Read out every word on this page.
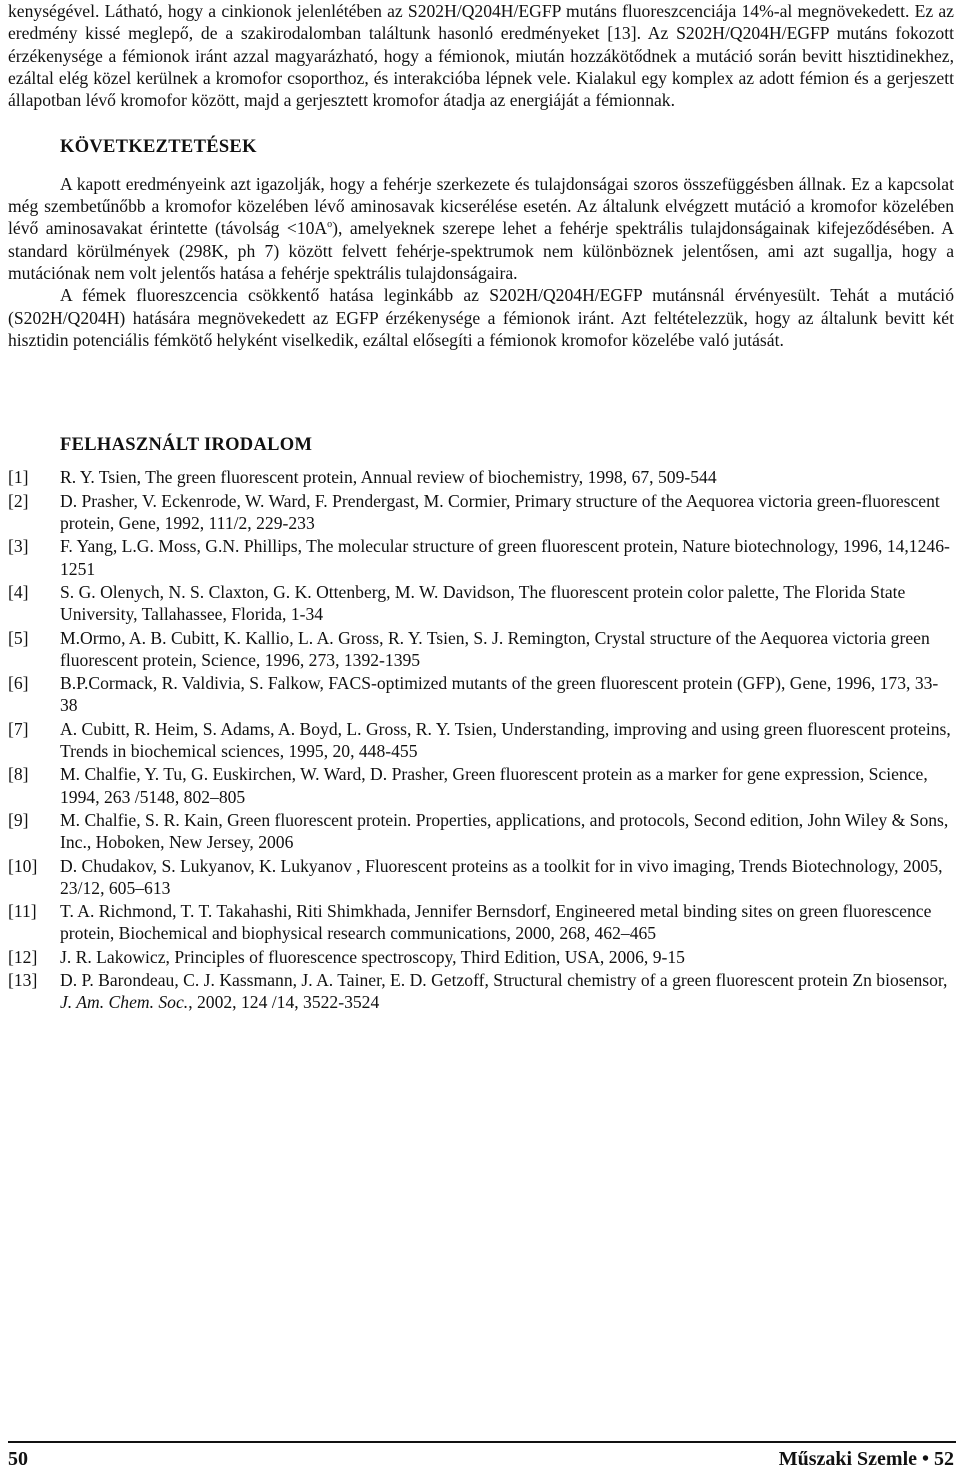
kenységével. Látható, hogy a cinkionok jelenlétében az S202H/Q204H/EGFP mutáns fluoreszcenciája 14%-al megnövekedett. Ez az eredmény kissé meglepő, de a szakirodalomban találtunk hasonló eredményeket [13]. Az S202H/Q204H/EGFP mutáns fokozott érzékenysége a fémionok iránt azzal magyarázható, hogy a fémionok, miután hozzákötődnek a mutáció során bevitt hisztidinekhez, ezáltal elég közel kerülnek a kromofor csoporthoz, és interakcióba lépnek vele. Kialakul egy komplex az adott fémion és a gerjeszett állapotban lévő kromofor között, majd a gerjesztett kromofor átadja az energiáját a fémionnak.

KÖVETKEZTETÉSEK

A kapott eredményeink azt igazolják, hogy a fehérje szerkezete és tulajdonságai szoros összefüggésben állnak. Ez a kapcsolat még szembetűnőbb a kromofor közelében lévő aminosavak kicserélése esetén. Az általunk elvégzett mutáció a kromofor közelében lévő aminosavakat érintette (távolság $<10A^o$), amelyeknek szerepe lehet a fehérje spektrális tulajdonságainak kifejeződésében. A standard körülmények (298K, ph 7) között felvett fehérje-spektrumok nem különböznek jelentősen, ami azt sugallja, hogy a mutációnak nem volt jelentős hatása a fehérje spektrális tulajdonságaira.

A fémek fluoreszcencia csökkentő hatása leginkább az S202H/Q204H/EGFP mutánsnál érvényesült. Tehát a mutáció (S202H/Q204H) hatására megnövekedett az EGFP érzékenysége a fémionok iránt. Azt feltételezzük, hogy az általunk bevitt két hisztidin potenciális fémkötő helyként viselkedik, ezáltal elősegíti a fémionok kromofor közelébe való jutását.

FELHASZNÁLT IRODALOM
[1] R. Y. Tsien, The green fluorescent protein, Annual review of biochemistry, 1998, 67, 509-544
[2] D. Prasher, V. Eckenrode, W. Ward, F. Prendergast, M. Cormier, Primary structure of the Aequorea victoria green-fluorescent protein, Gene, 1992, 111/2, 229-233
[3] F. Yang, L.G. Moss, G.N. Phillips, The molecular structure of green fluorescent protein, Nature biotechnology, 1996, 14,1246-1251
[4] S. G. Olenych, N. S. Claxton, G. K. Ottenberg, M. W. Davidson, The fluorescent protein color palette, The Florida State University, Tallahassee, Florida, 1-34
[5] M.Ormo, A. B. Cubitt, K. Kallio, L. A. Gross, R. Y. Tsien, S. J. Remington, Crystal structure of the Aequorea victoria green fluorescent protein, Science, 1996, 273, 1392-1395
[6] B.P.Cormack, R. Valdivia, S. Falkow, FACS-optimized mutants of the green fluorescent protein (GFP), Gene, 1996, 173, 33-38
[7] A. Cubitt, R. Heim, S. Adams, A. Boyd, L. Gross, R. Y. Tsien, Understanding, improving and using green fluorescent proteins, Trends in biochemical sciences, 1995, 20, 448-455
[8] M. Chalfie, Y. Tu, G. Euskirchen, W. Ward, D. Prasher, Green fluorescent protein as a marker for gene expression, Science, 1994, 263 /5148, 802–805
[9] M. Chalfie, S. R. Kain, Green fluorescent protein. Properties, applications, and protocols, Second edition, John Wiley & Sons, Inc., Hoboken, New Jersey, 2006
[10] D. Chudakov, S. Lukyanov, K. Lukyanov , Fluorescent proteins as a toolkit for in vivo imaging, Trends Biotechnology, 2005, 23/12, 605–613
[11] T. A. Richmond, T. T. Takahashi, Riti Shimkhada, Jennifer Bernsdorf, Engineered metal binding sites on green fluorescence protein, Biochemical and biophysical research communications, 2000, 268, 462–465
[12] J. R. Lakowicz, Principles of fluorescence spectroscopy, Third Edition, USA, 2006, 9-15
[13] D. P. Barondeau, C. J. Kassmann, J. A. Tainer, E. D. Getzoff, Structural chemistry of a green fluorescent protein Zn biosensor, J. Am. Chem. Soc., 2002, 124 /14, 3522-3524
50	Műszaki Szemle • 52
